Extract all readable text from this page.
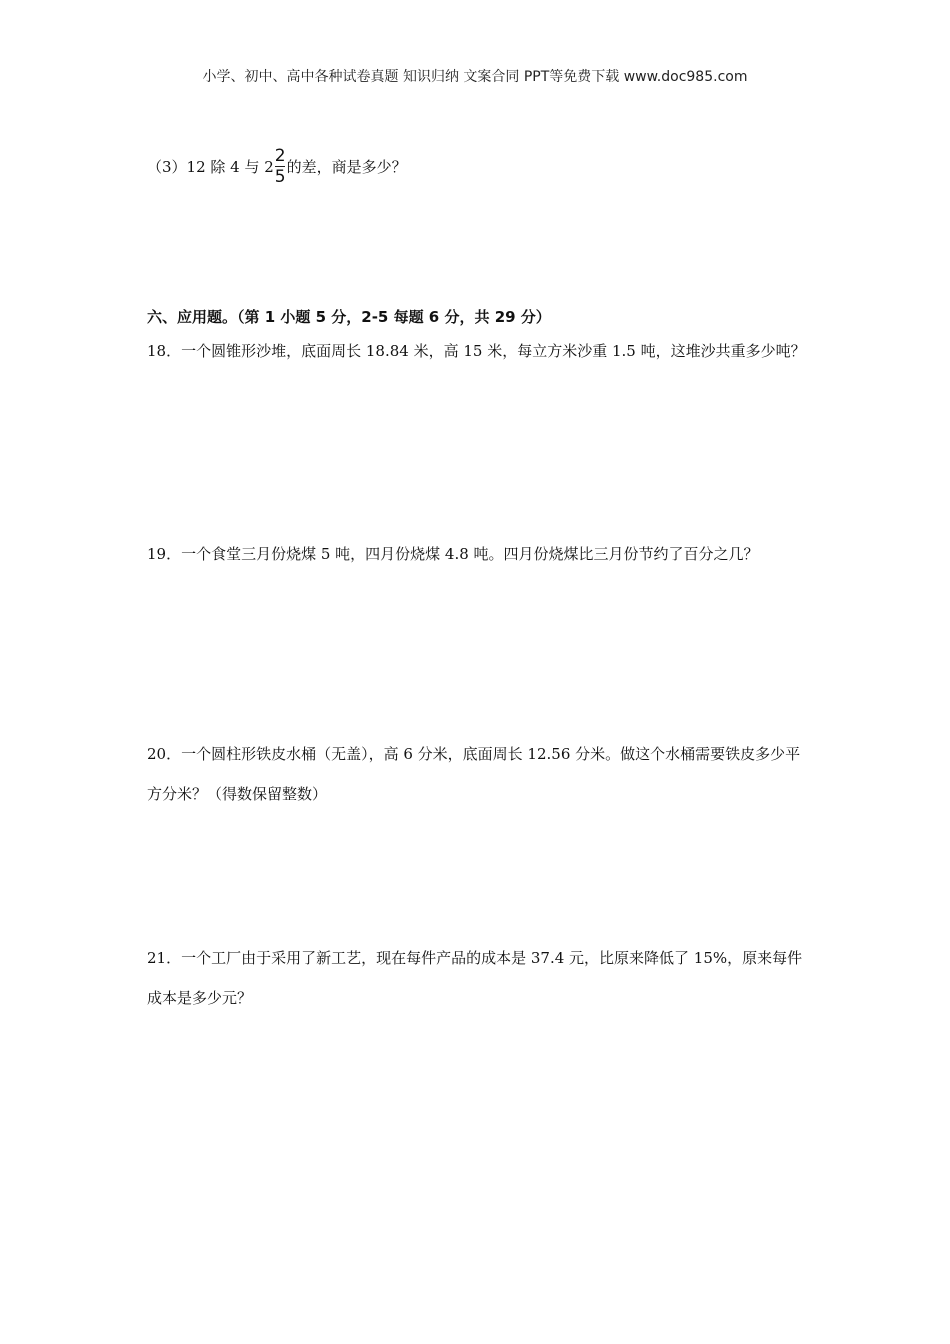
小学、初中、高中各种试卷真题 知识归纳 文案合同 PPT等免费下载 www.doc985.com
（3）12 除 4 与 $2 \frac{2}{5}$ 的差，商是多少？
六、应用题。（第 1 小题 5 分，2-5 每题 6 分，共 29 分）
18．一个圆锥形沙堆，底面周长 18.84 米，高 15 米，每立方米沙重 1.5 吨，这堆沙共重多少吨？
19．一个食堂三月份烧煤 5 吨，四月份烧煤 4.8 吨。四月份烧煤比三月份节约了百分之几？
20．一个圆柱形铁皮水桶（无盖），高 6 分米，底面周长 12.56 分米。做这个水桶需要铁皮多少平方分米？（得数保留整数）
21．一个工厂由于采用了新工艺，现在每件产品的成本是 37.4 元，比原来降低了 15%，原来每件成本是多少元？
